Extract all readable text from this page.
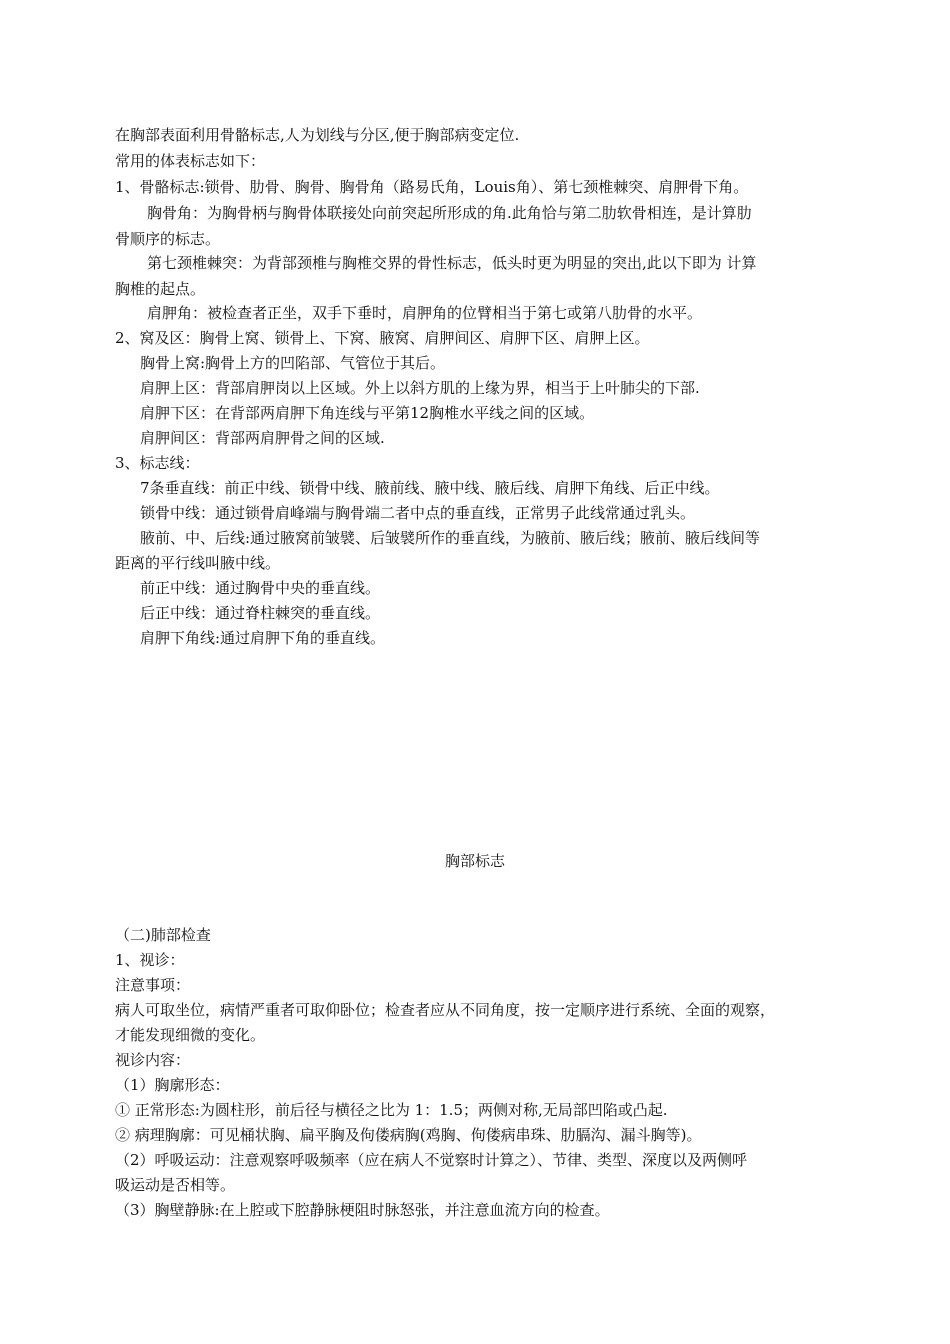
在胸部表面利用骨骼标志,人为划线与分区,便于胸部病变定位.
常用的体表标志如下：
1、骨骼标志:锁骨、肋骨、胸骨、胸骨角（路易氏角，Louis角）、第七颈椎棘突、肩胛骨下角。
胸骨角：为胸骨柄与胸骨体联接处向前突起所形成的角.此角恰与第二肋软骨相连，是计算肋
骨顺序的标志。
第七颈椎棘突：为背部颈椎与胸椎交界的骨性标志，低头时更为明显的突出,此以下即为 计算
胸椎的起点。
肩胛角：被检查者正坐，双手下垂时，肩胛角的位臂相当于第七或第八肋骨的水平。
2、窝及区：胸骨上窝、锁骨上、下窝、腋窝、肩胛间区、肩胛下区、肩胛上区。
胸骨上窝:胸骨上方的凹陷部、气管位于其后。
肩胛上区：背部肩胛岗以上区域。外上以斜方肌的上缘为界，相当于上叶肺尖的下部.
肩胛下区：在背部两肩胛下角连线与平第12胸椎水平线之间的区域。
肩胛间区：背部两肩胛骨之间的区域.
3、标志线：
7条垂直线：前正中线、锁骨中线、腋前线、腋中线、腋后线、肩胛下角线、后正中线。
锁骨中线：通过锁骨肩峰端与胸骨端二者中点的垂直线，正常男子此线常通过乳头。
腋前、中、后线:通过腋窝前皱襞、后皱襞所作的垂直线，为腋前、腋后线；腋前、腋后线间等
距离的平行线叫腋中线。
前正中线：通过胸骨中央的垂直线。
后正中线：通过脊柱棘突的垂直线。
肩胛下角线:通过肩胛下角的垂直线。
胸部标志
（二)肺部检查
1、视诊：
注意事项：
病人可取坐位，病情严重者可取仰卧位；检查者应从不同角度，按一定顺序进行系统、全面的观察，
才能发现细微的变化。
视诊内容：
（1）胸廓形态：
① 正常形态:为圆柱形，前后径与横径之比为 1：1.5；两侧对称,无局部凹陷或凸起.
② 病理胸廓：可见桶状胸、扁平胸及佝偻病胸(鸡胸、佝偻病串珠、肋膈沟、漏斗胸等)。
（2）呼吸运动：注意观察呼吸频率（应在病人不觉察时计算之）、节律、类型、深度以及两侧呼
吸运动是否相等。
（3）胸壁静脉:在上腔或下腔静脉梗阻时脉怒张，并注意血流方向的检查。
